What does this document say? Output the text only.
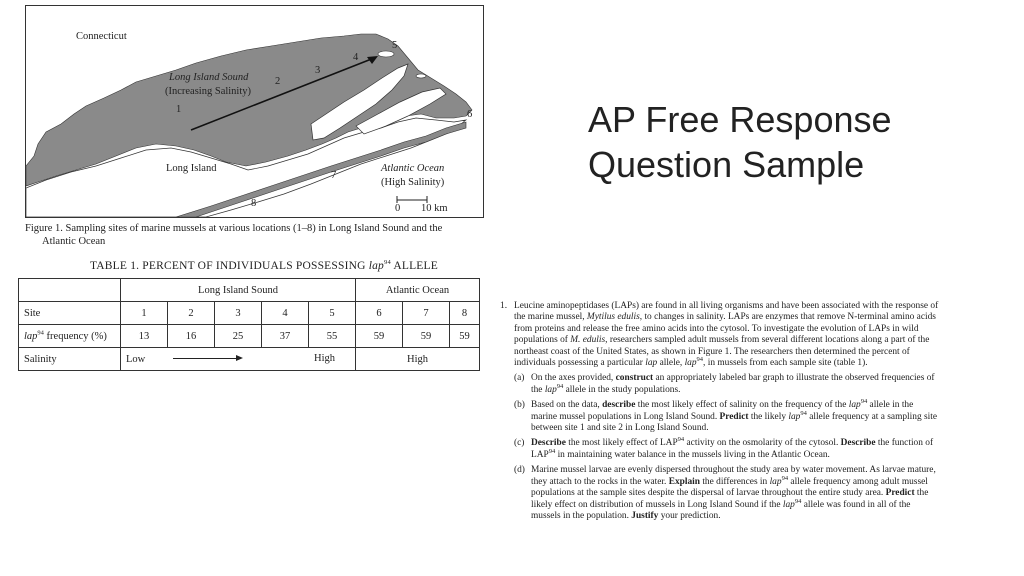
Connecticut
Long Island Sound
(Increasing Salinity)
Long Island	Atlantic Ocean
(High Salinity)
1
2
3
4
5
6
7
8	0 10 km
Figure 1. Sampling sites of marine mussels at various locations (1–8) in Long Island Sound and the
Atlantic Ocean
TABLE 1. PERCENT OF INDIVIDUALS POSSESSING lap$^{94}$ ALLELE
	Long Island Sound					Atlantic Ocean		
Site	1	2	3	4	5	6	7	8
lap$^{94}$ frequency (%)	13	16	25	37	55	59	59	59
Salinity	Low High					High		
AP Free Response
Question Sample
1. Leucine aminopeptidases (LAPs) are found in all living organisms and have been associated with the response of
the marine mussel, Mytilus edulis, to changes in salinity. LAPs are enzymes that remove N-terminal amino acids
from proteins and release the free amino acids into the cytosol. To investigate the evolution of LAPs in wild
populations of M. edulis, researchers sampled adult mussels from several different locations along a part of the
northeast coast of the United States, as shown in Figure 1. The researchers then determined the percent of
individuals possessing a particular lap allele, lap$^{94}$, in mussels from each sample site (table 1).
(a) On the axes provided, construct an appropriately labeled bar graph to illustrate the observed frequencies of
the lap$^{94}$ allele in the study populations.
(b) Based on the data, describe the most likely effect of salinity on the frequency of the lap$^{94}$ allele in the
marine mussel populations in Long Island Sound. Predict the likely lap$^{94}$ allele frequency at a sampling site
between site 1 and site 2 in Long Island Sound.
(c) Describe the most likely effect of LAP$^{94}$ activity on the osmolarity of the cytosol. Describe the function of
LAP$^{94}$ in maintaining water balance in the mussels living in the Atlantic Ocean.
(d) Marine mussel larvae are evenly dispersed throughout the study area by water movement. As larvae mature,
they attach to the rocks in the water. Explain the differences in lap$^{94}$ allele frequency among adult mussel
populations at the sample sites despite the dispersal of larvae throughout the entire study area. Predict the
likely effect on distribution of mussels in Long Island Sound if the lap$^{94}$ allele was found in all of the
mussels in the population. Justify your prediction.
